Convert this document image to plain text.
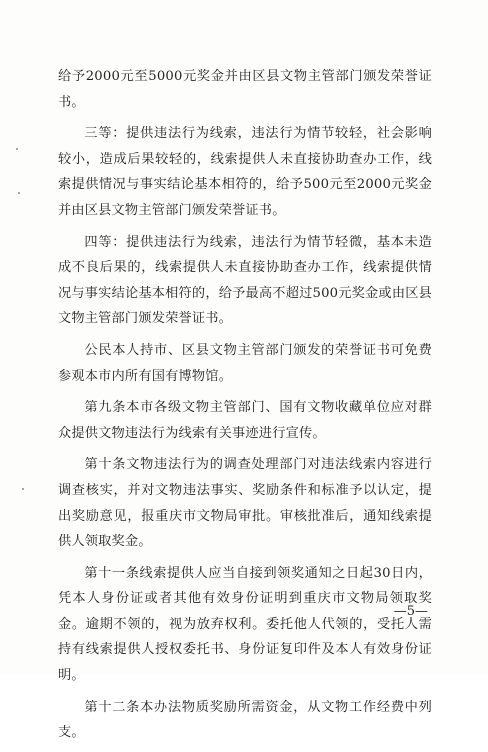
给予2000元至5000元奖金并由区县文物主管部门颁发荣誉证书。

三等：提供违法行为线索，违法行为情节较轻，社会影响较小，造成后果较轻的，线索提供人未直接协助查办工作，线索提供情况与事实结论基本相符的，给予500元至2000元奖金并由区县文物主管部门颁发荣誉证书。

四等：提供违法行为线索，违法行为情节轻微，基本未造成不良后果的，线索提供人未直接协助查办工作，线索提供情况与事实结论基本相符的，给予最高不超过500元奖金或由区县文物主管部门颁发荣誉证书。

公民本人持市、区县文物主管部门颁发的荣誉证书可免费参观本市内所有国有博物馆。

第九条本市各级文物主管部门、国有文物收藏单位应对群众提供文物违法行为线索有关事迹进行宣传。

第十条文物违法行为的调查处理部门对违法线索内容进行调查核实，并对文物违法事实、奖励条件和标准予以认定，提出奖励意见，报重庆市文物局审批。审核批准后，通知线索提供人领取奖金。

第十一条线索提供人应当自接到领奖通知之日起30日内，凭本人身份证或者其他有效身份证明到重庆市文物局领取奖金。逾期不领的，视为放弃权利。委托他人代领的，受托人需持有线索提供人授权委托书、身份证复印件及本人有效身份证明。

第十二条本办法物质奖励所需资金，从文物工作经费中列支。

—5—
